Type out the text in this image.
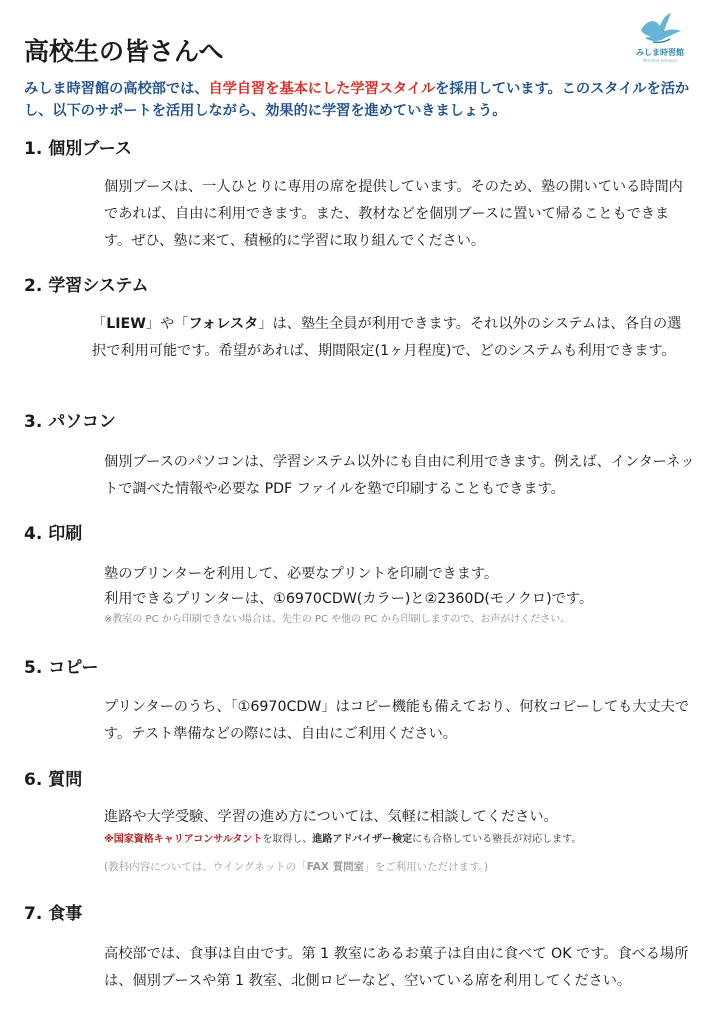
みしま時習館
Mishima Jishukan
高校生の皆さんへ

みしま時習館の高校部では、自学自習を基本にした学習スタイルを採用しています。このスタイルを活かし、以下のサポートを活用しながら、効果的に学習を進めていきましょう。

1. 個別ブース

個別ブースは、一人ひとりに専用の席を提供しています。そのため、塾の開いている時間内であれば、自由に利用できます。また、教材などを個別ブースに置いて帰ることもできます。ぜひ、塾に来て、積極的に学習に取り組んでください。

2. 学習システム

「LIEW」や「フォレスタ」は、塾生全員が利用できます。それ以外のシステムは、各自の選択で利用可能です。希望があれば、期間限定(1ヶ月程度)で、どのシステムも利用できます。

3. パソコン

個別ブースのパソコンは、学習システム以外にも自由に利用できます。例えば、インターネットで調べた情報や必要な PDF ファイルを塾で印刷することもできます。

4. 印刷

塾のプリンターを利用して、必要なプリントを印刷できます。

利用できるプリンターは、①6970CDW(カラー)と②2360D(モノクロ)です。

※教室の PC から印刷できない場合は、先生の PC や他の PC から印刷しますので、お声がけください。

5. コピー

プリンターのうち、「①6970CDW」はコピー機能も備えており、何枚コピーしても大丈夫です。テスト準備などの際には、自由にご利用ください。

6. 質問

進路や大学受験、学習の進め方については、気軽に相談してください。

※国家資格キャリアコンサルタントを取得し、進路アドバイザー検定にも合格している塾長が対応します。

(教科内容については、ウイングネットの「FAX 質問室」をご利用いただけます。)

7. 食事

高校部では、食事は自由です。第 1 教室にあるお菓子は自由に食べて OK です。食べる場所は、個別ブースや第 1 教室、北側ロビーなど、空いている席を利用してください。
